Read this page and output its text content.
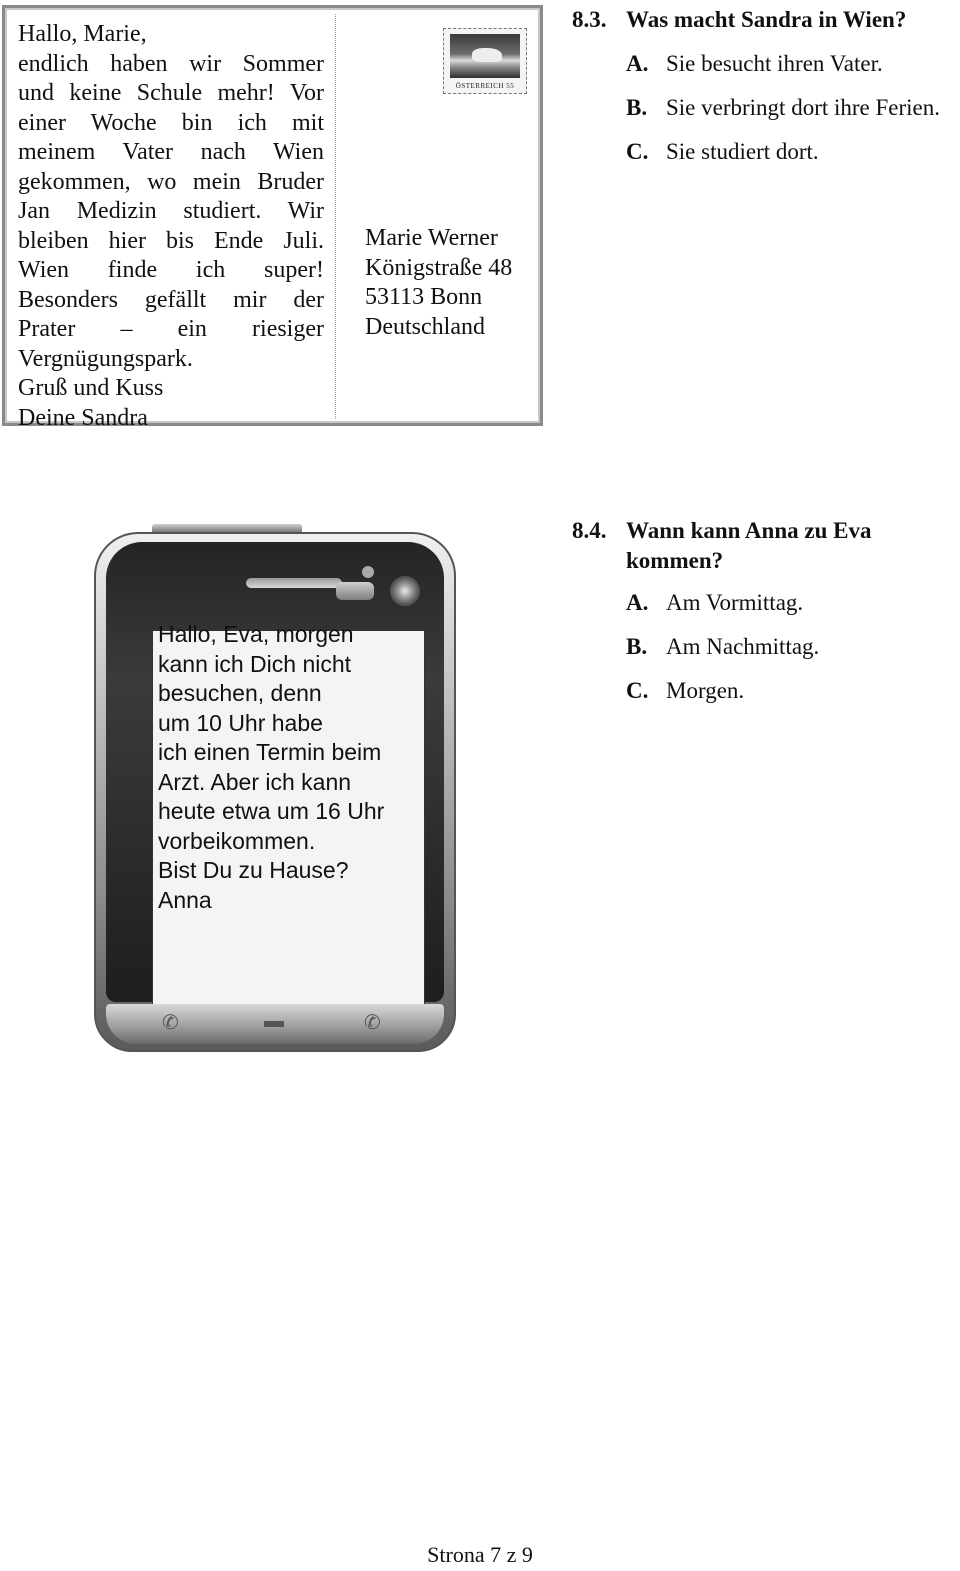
Hallo, Marie,
endlich haben wir Sommer
und keine Schule mehr! Vor
einer Woche bin ich mit
meinem Vater nach Wien
gekommen, wo mein Bruder
Jan Medizin studiert. Wir
bleiben hier bis Ende Juli.
Wien finde ich super!
Besonders gefällt mir der
Prater – ein riesiger
Vergnügungspark.
Gruß und Kuss
Deine Sandra
ÖSTERREICH 55
Marie Werner
Königstraße 48
53113 Bonn
Deutschland
8.3. Was macht Sandra in Wien?
A. Sie besucht ihren Vater.
B. Sie verbringt dort ihre Ferien.
C. Sie studiert dort.
✆	▬	✆
Hallo, Eva, morgen
kann ich Dich nicht
besuchen, denn
um 10 Uhr habe
ich einen Termin beim
Arzt. Aber ich kann
heute etwa um 16 Uhr
vorbeikommen.
Bist Du zu Hause?
Anna
8.4. Wann kann Anna zu Eva
kommen?
A. Am Vormittag.
B. Am Nachmittag.
C. Morgen.
Strona 7 z 9
